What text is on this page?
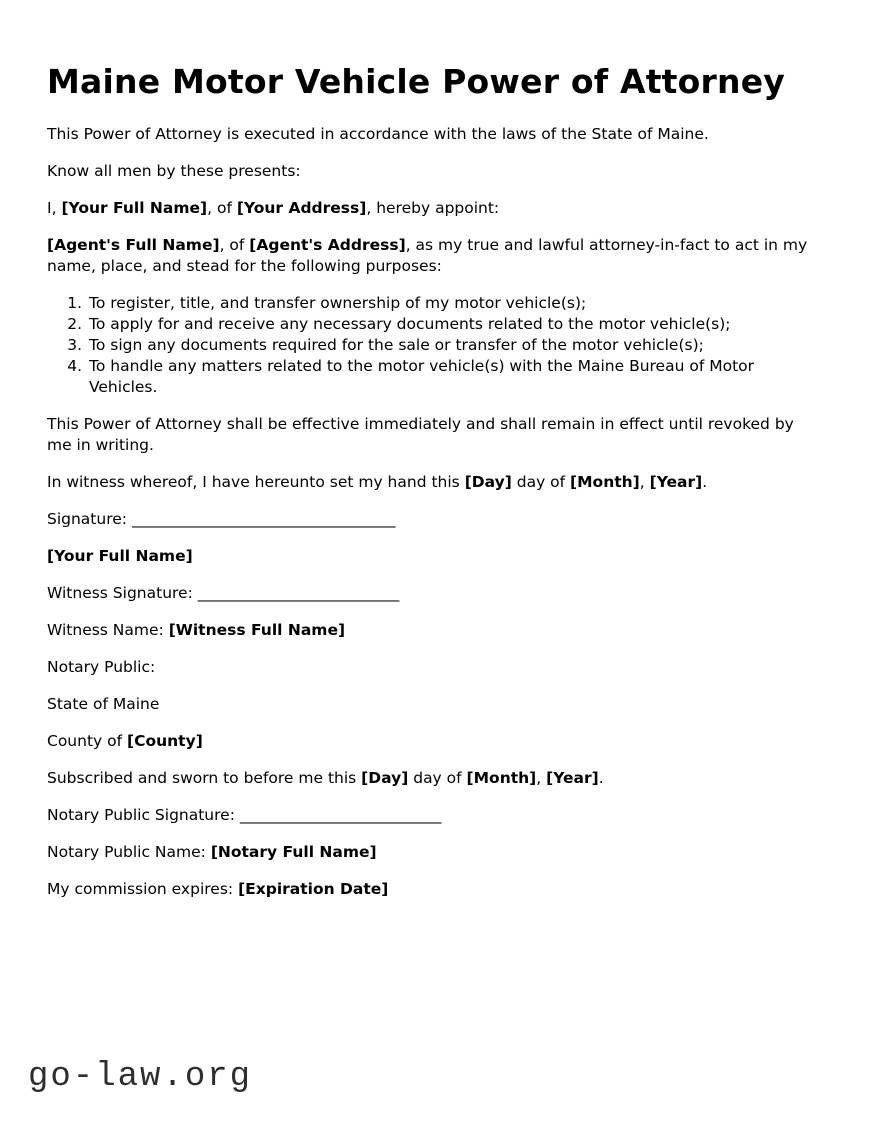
Maine Motor Vehicle Power of Attorney

This Power of Attorney is executed in accordance with the laws of the State of Maine.

Know all men by these presents:

I, [Your Full Name], of [Your Address], hereby appoint:

[Agent's Full Name], of [Agent's Address], as my true and lawful attorney-in-fact to act in my name, place, and stead for the following purposes:

1. To register, title, and transfer ownership of my motor vehicle(s);
2. To apply for and receive any necessary documents related to the motor vehicle(s);
3. To sign any documents required for the sale or transfer of the motor vehicle(s);
4. To handle any matters related to the motor vehicle(s) with the Maine Bureau of Motor Vehicles.

This Power of Attorney shall be effective immediately and shall remain in effect until revoked by me in writing.

In witness whereof, I have hereunto set my hand this [Day] day of [Month], [Year].

Signature: __________________________________

[Your Full Name]

Witness Signature: __________________________

Witness Name: [Witness Full Name]

Notary Public:

State of Maine

County of [County]

Subscribed and sworn to before me this [Day] day of [Month], [Year].

Notary Public Signature: __________________________

Notary Public Name: [Notary Full Name]

My commission expires: [Expiration Date]

go-law.org
